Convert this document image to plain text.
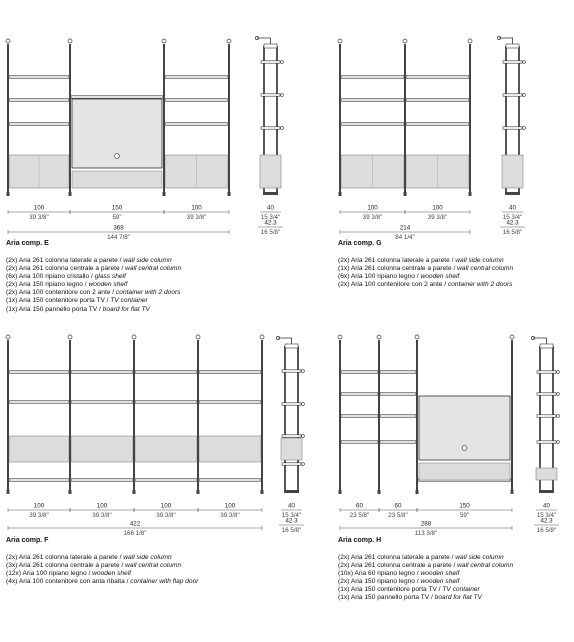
100
39 3/8"
150
59"
100
39 3/8"
368
144 7/8"
40
15 3/4"
42.3
16 5/8"
100
39 3/8"
100
39 3/8"
214
84 1/4"
40
15 3/4"
42.3
16 5/8"
100
39 3/8"
100
39 3/8"
100
39 3/8"
100
39 3/8"
422
166 1/8"
40
15 3/4"
42.3
16 5/8"
60
23 5/8"
60
23 5/8"
150
59"
288
113 3/8"
40
15 3/4"
42.3
16 5/8"
Aria comp. E
(2x) Aria 261 colonna laterale a parete / wall side column
(2x) Aria 261 colonna centrale a parete / wall central column
(6x) Aria 100 ripiano cristallo / glass shelf
(2x) Aria 150 ripiano legno / wooden shelf
(2x) Aria 100 contenitore con 2 ante / container with 2 doors
(1x) Aria 150 contenitore porta TV / TV container
(1x) Aria 150 pannello porta TV / board for flat TV
Aria comp. G
(2x) Aria 261 colonna laterale a parete / wall side column
(1x) Aria 261 colonna centrale a parete / wall central column
(6x) Aria 100 ripiano legno / wooden shelf
(2x) Aria 100 contenitore con 2 ante / container with 2 doors
Aria comp. F
(2x) Aria 261 colonna laterale a parete / wall side column
(3x) Aria 261 colonna centrale a parete / wall central column
(12x) Aria 100 ripiano legno / wooden shelf
(4x) Aria 100 contenitore con anta ribalta / container with flap door
Aria comp. H
(2x) Aria 261 colonna laterale a parete / wall side column
(2x) Aria 261 colonna centrale a parete / wall central column
(10x) Aria 60 ripiano legno / wooden shelf
(2x) Aria 150 ripiano legno / wooden shelf
(1x) Aria 150 contenitore porta TV / TV container
(1x) Aria 150 pannello porta TV / board for flat TV
